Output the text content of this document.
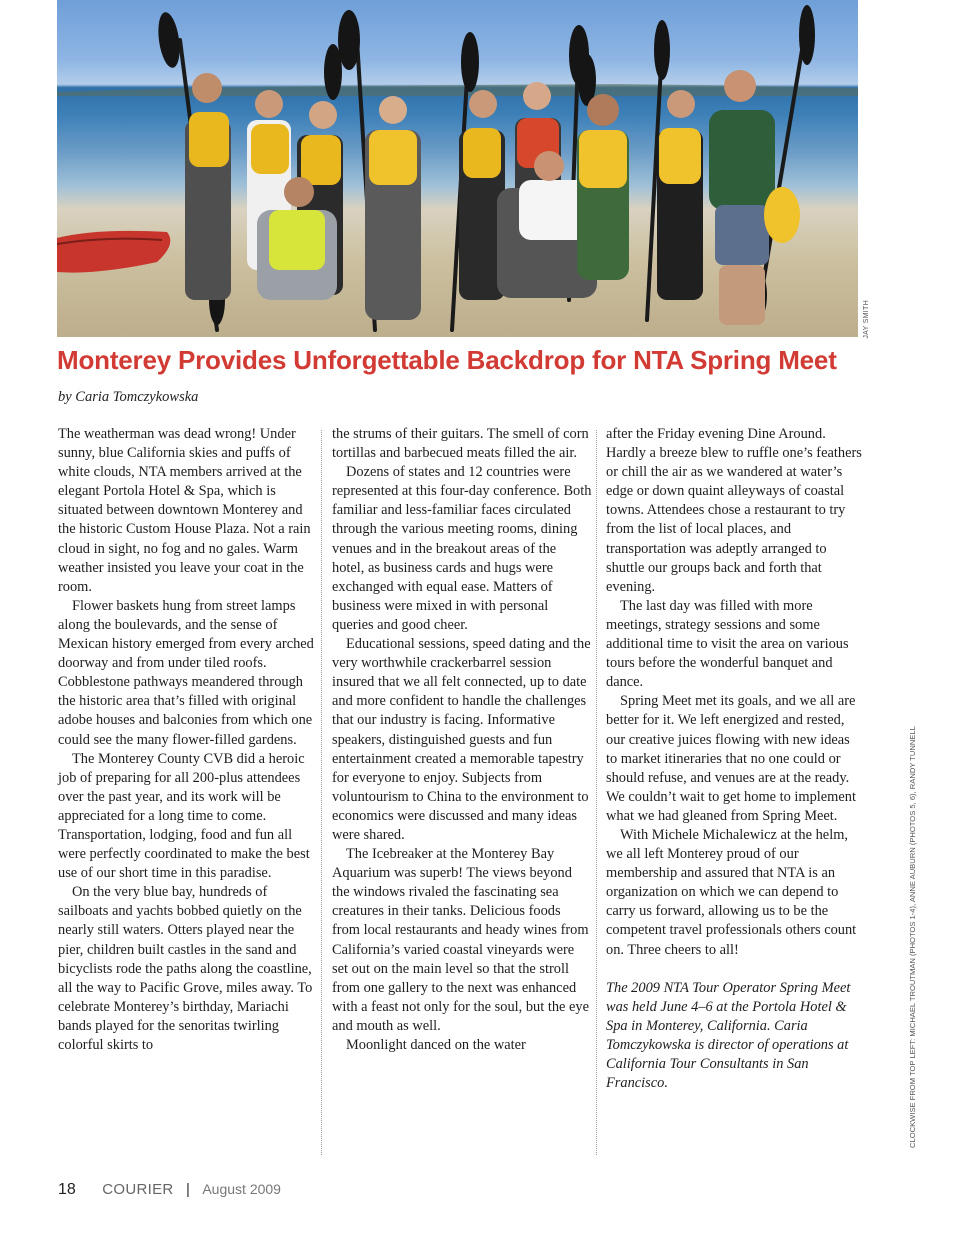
JAY SMITH
Monterey Provides Unforgettable Backdrop for NTA Spring Meet

by Caria Tomczykowska

The weatherman was dead wrong! Under sunny, blue California skies and puffs of white clouds, NTA members arrived at the elegant Portola Hotel & Spa, which is situated between downtown Monterey and the historic Custom House Plaza. Not a rain cloud in sight, no fog and no gales. Warm weather insisted you leave your coat in the room.

Flower baskets hung from street lamps along the boulevards, and the sense of Mexican history emerged from every arched doorway and from under tiled roofs. Cobblestone pathways meandered through the historic area that’s filled with original adobe houses and balconies from which one could see the many flower-filled gardens.

The Monterey County CVB did a heroic job of preparing for all 200-plus attendees over the past year, and its work will be appreciated for a long time to come. Transportation, lodging, food and fun all were perfectly coordinated to make the best use of our short time in this paradise.

On the very blue bay, hundreds of sailboats and yachts bobbed quietly on the nearly still waters. Otters played near the pier, children built castles in the sand and bicyclists rode the paths along the coastline, all the way to Pacific Grove, miles away. To celebrate Monterey’s birthday, Mariachi bands played for the senoritas twirling colorful skirts to

the strums of their guitars. The smell of corn tortillas and barbecued meats filled the air.

Dozens of states and 12 countries were represented at this four-day conference. Both familiar and less-familiar faces circulated through the various meeting rooms, dining venues and in the breakout areas of the hotel, as business cards and hugs were exchanged with equal ease. Matters of business were mixed in with personal queries and good cheer.

Educational sessions, speed dating and the very worthwhile crackerbarrel session insured that we all felt connected, up to date and more confident to handle the challenges that our industry is facing. Informative speakers, distinguished guests and fun entertainment created a memorable tapestry for everyone to enjoy. Subjects from voluntourism to China to the environment to economics were discussed and many ideas were shared.

The Icebreaker at the Monterey Bay Aquarium was superb! The views beyond the windows rivaled the fascinating sea creatures in their tanks. Delicious foods from local restaurants and heady wines from California’s varied coastal vineyards were set out on the main level so that the stroll from one gallery to the next was enhanced with a feast not only for the soul, but the eye and mouth as well.

Moonlight danced on the water

after the Friday evening Dine Around. Hardly a breeze blew to ruffle one’s feathers or chill the air as we wandered at water’s edge or down quaint alleyways of coastal towns. Attendees chose a restaurant to try from the list of local places, and transportation was adeptly arranged to shuttle our groups back and forth that evening.

The last day was filled with more meetings, strategy sessions and some additional time to visit the area on various tours before the wonderful banquet and dance.

Spring Meet met its goals, and we all are better for it. We left energized and rested, our creative juices flowing with new ideas to market itineraries that no one could or should refuse, and venues are at the ready. We couldn’t wait to get home to implement what we had gleaned from Spring Meet.

With Michele Michalewicz at the helm, we all left Monterey proud of our membership and assured that NTA is an organization on which we can depend to carry us forward, allowing us to be the competent travel professionals others count on. Three cheers to all!

The 2009 NTA Tour Operator Spring Meet was held June 4–6 at the Portola Hotel & Spa in Monterey, California. Caria Tomczykowska is director of operations at California Tour Consultants in San Francisco.	CLOCKWISE FROM TOP LEFT: MICHAEL TROUTMAN (PHOTOS 1-4), ANNE AUBURN (PHOTOS 5, 6), RANDY TUNNELL
18 COURIER | August 2009
